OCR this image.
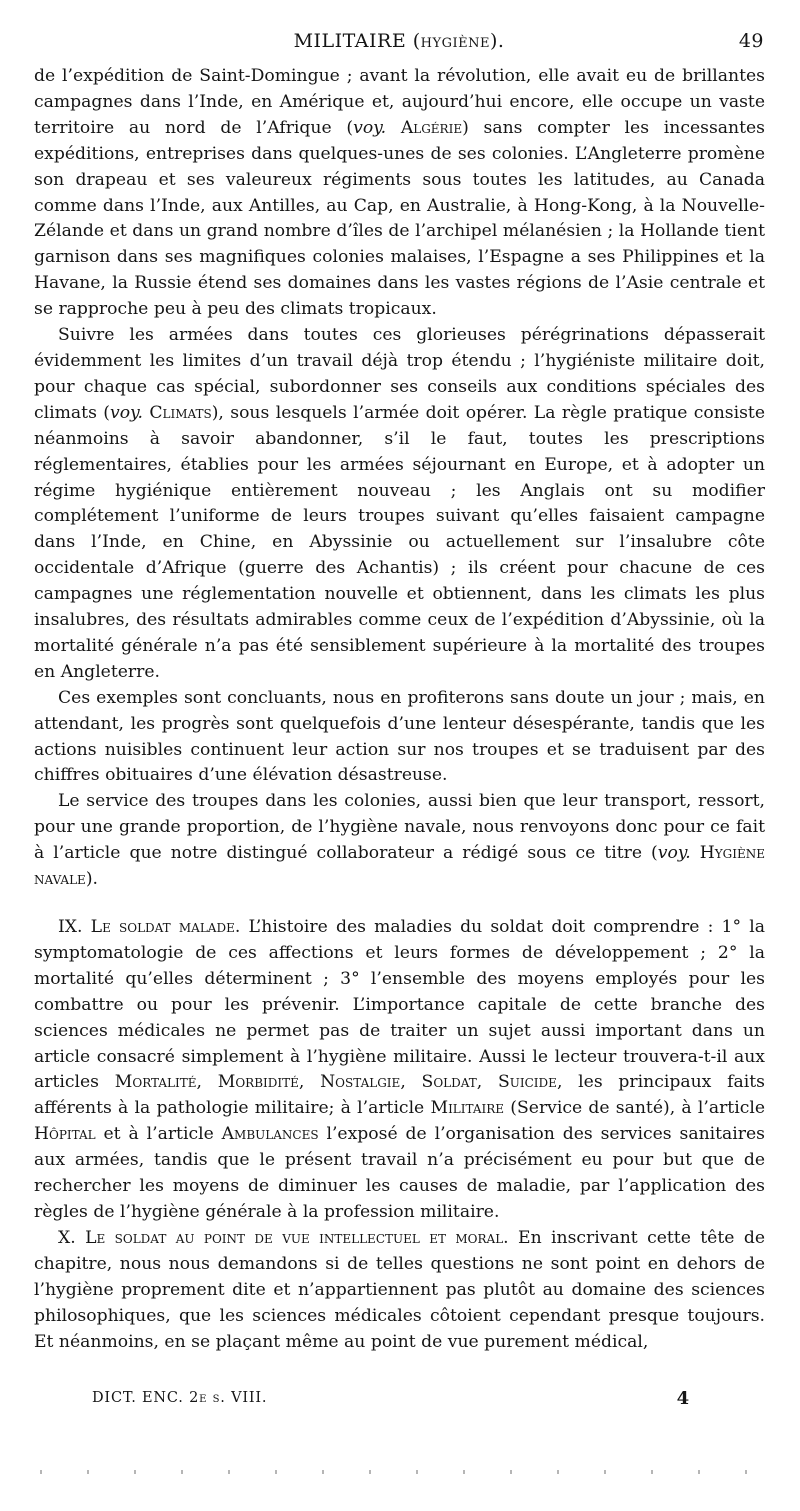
MILITAIRE (hygiène).	49

de l’expédition de Saint-Domingue ; avant la révolution, elle avait eu de brillantes campagnes dans l’Inde, en Amérique et, aujourd’hui encore, elle occupe un vaste territoire au nord de l’Afrique (voy. Algérie) sans compter les incessantes expéditions, entreprises dans quelques-unes de ses colonies. L’Angleterre promène son drapeau et ses valeureux régiments sous toutes les latitudes, au Canada comme dans l’Inde, aux Antilles, au Cap, en Australie, à Hong-Kong, à la Nouvelle-Zélande et dans un grand nombre d’îles de l’archipel mélanésien ; la Hollande tient garnison dans ses magnifiques colonies malaises, l’Espagne a ses Philippines et la Havane, la Russie étend ses domaines dans les vastes régions de l’Asie centrale et se rapproche peu à peu des climats tropicaux.

Suivre les armées dans toutes ces glorieuses pérégrinations dépasserait évidemment les limites d’un travail déjà trop étendu ; l’hygiéniste militaire doit, pour chaque cas spécial, subordonner ses conseils aux conditions spéciales des climats (voy. Climats), sous lesquels l’armée doit opérer. La règle pratique consiste néanmoins à savoir abandonner, s’il le faut, toutes les prescriptions réglementaires, établies pour les armées séjournant en Europe, et à adopter un régime hygiénique entièrement nouveau ; les Anglais ont su modifier complétement l’uniforme de leurs troupes suivant qu’elles faisaient campagne dans l’Inde, en Chine, en Abyssinie ou actuellement sur l’insalubre côte occidentale d’Afrique (guerre des Achantis) ; ils créent pour chacune de ces campagnes une réglementation nouvelle et obtiennent, dans les climats les plus insalubres, des résultats admirables comme ceux de l’expédition d’Abyssinie, où la mortalité générale n’a pas été sensiblement supérieure à la mortalité des troupes en Angleterre.

Ces exemples sont concluants, nous en profiterons sans doute un jour ; mais, en attendant, les progrès sont quelquefois d’une lenteur désespérante, tandis que les actions nuisibles continuent leur action sur nos troupes et se traduisent par des chiffres obituaires d’une élévation désastreuse.

Le service des troupes dans les colonies, aussi bien que leur transport, ressort, pour une grande proportion, de l’hygiène navale, nous renvoyons donc pour ce fait à l’article que notre distingué collaborateur a rédigé sous ce titre (voy. Hygiène navale).

IX. Le soldat malade. L’histoire des maladies du soldat doit comprendre : 1° la symptomatologie de ces affections et leurs formes de développement ; 2° la mortalité qu’elles déterminent ; 3° l’ensemble des moyens employés pour les combattre ou pour les prévenir. L’importance capitale de cette branche des sciences médicales ne permet pas de traiter un sujet aussi important dans un article consacré simplement à l’hygiène militaire. Aussi le lecteur trouvera-t-il aux articles Mortalité, Morbidité, Nostalgie, Soldat, Suicide, les principaux faits afférents à la pathologie militaire; à l’article Militaire (Service de santé), à l’article Hôpital et à l’article Ambulances l’exposé de l’organisation des services sanitaires aux armées, tandis que le présent travail n’a précisément eu pour but que de rechercher les moyens de diminuer les causes de maladie, par l’application des règles de l’hygiène générale à la profession militaire.

X. Le soldat au point de vue intellectuel et moral. En inscrivant cette tête de chapitre, nous nous demandons si de telles questions ne sont point en dehors de l’hygiène proprement dite et n’appartiennent pas plutôt au domaine des sciences philosophiques, que les sciences médicales côtoient cependant presque toujours. Et néanmoins, en se plaçant même au point de vue purement médical,

DICT. ENC. 2e s. VIII.	4
